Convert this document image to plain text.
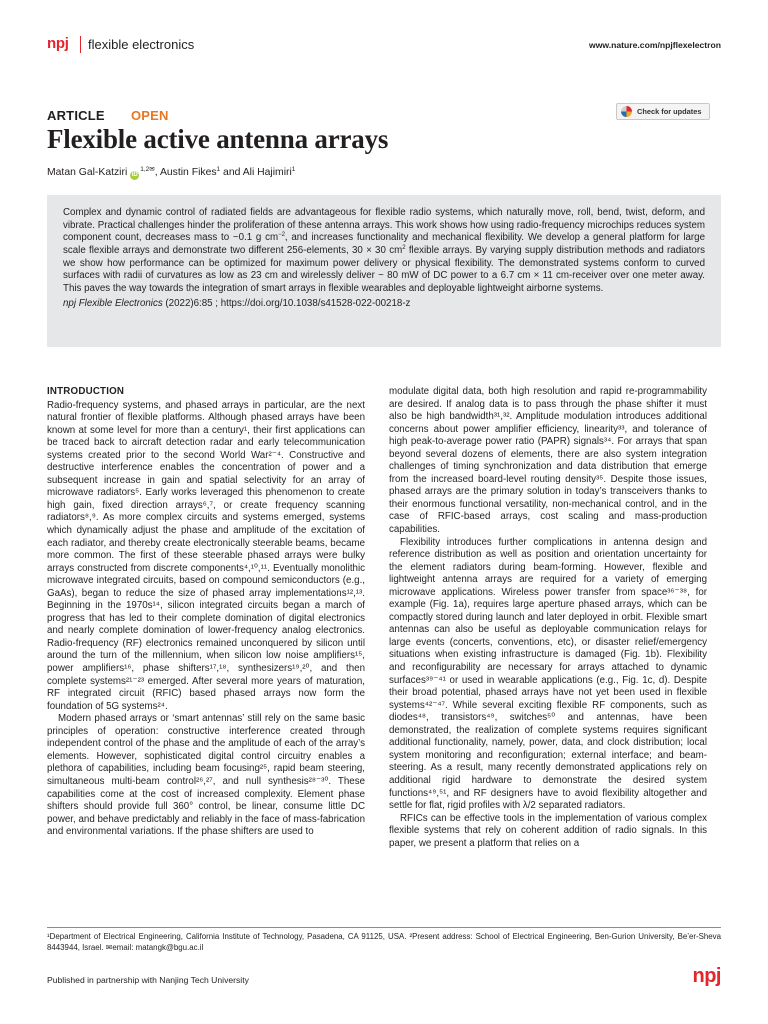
npj flexible electronics	www.nature.com/npjflexelectron
ARTICLE OPEN	Check for updates
Flexible active antenna arrays
Matan Gal-Katziri $iD^{1,2✉}$, Austin Fikes$^1$ and Ali Hajimiri$^1$

Complex and dynamic control of radiated fields are advantageous for flexible radio systems, which naturally move, roll, bend, twist, deform, and vibrate. Practical challenges hinder the proliferation of these antenna arrays. This work shows how using radio-frequency microchips reduces system component count, decreases mass to ~0.1 g $cm^{-2}$, and increases functionality and mechanical flexibility. We develop a general platform for large scale flexible arrays and demonstrate two different 256-elements, 30 × 30 $cm^2$ flexible arrays. By varying supply distribution methods and radiators we show how performance can be optimized for maximum power delivery or physical flexibility. The demonstrated systems conform to curved surfaces with radii of curvatures as low as 23 cm and wirelessly deliver ~ 80 mW of DC power to a 6.7 cm × 11 cm-receiver over one meter away. This paves the way towards the integration of smart arrays in flexible wearables and deployable lightweight airborne systems.

npj Flexible Electronics (2022)6:85 ; https://doi.org/10.1038/s41528-022-00218-z

INTRODUCTION

Radio-frequency systems, and phased arrays in particular, are the next natural frontier of flexible platforms. Although phased arrays have been known at some level for more than a century¹, their first applications can be traced back to aircraft detection radar and early telecommunication systems created prior to the second World War²⁻⁴. Constructive and destructive interference enables the concentration of power and a subsequent increase in gain and spatial selectivity for an array of microwave radiators⁵. Early works leveraged this phenomenon to create high gain, fixed direction arrays⁶,⁷, or create frequency scanning radiators⁸,⁹. As more complex circuits and systems emerged, systems which dynamically adjust the phase and amplitude of the excitation of each radiator, and thereby create electronically steerable beams, became more common. The first of these steerable phased arrays were bulky arrays constructed from discrete components⁴,¹⁰,¹¹. Eventually monolithic microwave integrated circuits, based on compound semiconductors (e.g., GaAs), began to reduce the size of phased array implementations¹²,¹³. Beginning in the 1970s¹⁴, silicon integrated circuits began a march of progress that has led to their complete domination of digital electronics and nearly complete domination of lower-frequency analog electronics. Radio-frequency (RF) electronics remained unconquered by silicon until around the turn of the millennium, when silicon low noise amplifiers¹⁵, power amplifiers¹⁶, phase shifters¹⁷,¹⁸, synthesizers¹⁹,²⁰, and then complete systems²¹⁻²³ emerged. After several more years of maturation, RF integrated circuit (RFIC) based phased arrays now form the foundation of 5G systems²⁴.

Modern phased arrays or ‘smart antennas’ still rely on the same basic principles of operation: constructive interference created through independent control of the phase and the amplitude of each of the array’s elements. However, sophisticated digital control circuitry enables a plethora of capabilities, including beam focusing²⁵, rapid beam steering, simultaneous multi-beam control²⁶,²⁷, and null synthesis²⁸⁻³⁰. These capabilities come at the cost of increased complexity. Element phase shifters should provide full 360° control, be linear, consume little DC power, and behave predictably and reliably in the face of mass-fabrication and environmental variations. If the phase shifters are used to

modulate digital data, both high resolution and rapid re-programmability are desired. If analog data is to pass through the phase shifter it must also be high bandwidth³¹,³². Amplitude modulation introduces additional concerns about power amplifier efficiency, linearity³³, and tolerance of high peak-to-average power ratio (PAPR) signals³⁴. For arrays that span beyond several dozens of elements, there are also system integration challenges of timing synchronization and data distribution that emerge from the increased board-level routing density³⁵. Despite those issues, phased arrays are the primary solution in today’s transceivers thanks to their enormous functional versatility, non-mechanical control, and in the case of RFIC-based arrays, cost scaling and mass-production capabilities.

Flexibility introduces further complications in antenna design and reference distribution as well as position and orientation uncertainty for the element radiators during beam-forming. However, flexible and lightweight antenna arrays are required for a variety of emerging microwave applications. Wireless power transfer from space³⁶⁻³⁸, for example (Fig. 1a), requires large aperture phased arrays, which can be compactly stored during launch and later deployed in orbit. Flexible smart antennas can also be useful as deployable communication relays for large events (concerts, conventions, etc), or disaster relief/emergency situations when existing infrastructure is damaged (Fig. 1b). Flexibility and reconfigurability are necessary for arrays attached to dynamic surfaces³⁹⁻⁴¹ or used in wearable applications (e.g., Fig. 1c, d). Despite their broad potential, phased arrays have not yet been used in flexible systems⁴²⁻⁴⁷. While several exciting flexible RF components, such as diodes⁴⁸, transistors⁴⁹, switches⁵⁰ and antennas, have been demonstrated, the realization of complete systems requires significant additional functionality, namely, power, data, and clock distribution; local system monitoring and reconfiguration; external interface; and beam-steering. As a result, many recently demonstrated applications rely on additional rigid hardware to demonstrate the desired system functions⁴⁹,⁵¹, and RF designers have to avoid flexibility altogether and settle for flat, rigid profiles with λ/2 separated radiators.

RFICs can be effective tools in the implementation of various complex flexible systems that rely on coherent addition of radio signals. In this paper, we present a platform that relies on a

¹Department of Electrical Engineering, California Institute of Technology, Pasadena, CA 91125, USA. ²Present address: School of Electrical Engineering, Ben-Gurion University, Be’er-Sheva 8443944, Israel. ✉email: matangk@bgu.ac.il

Published in partnership with Nanjing Tech University	npj
